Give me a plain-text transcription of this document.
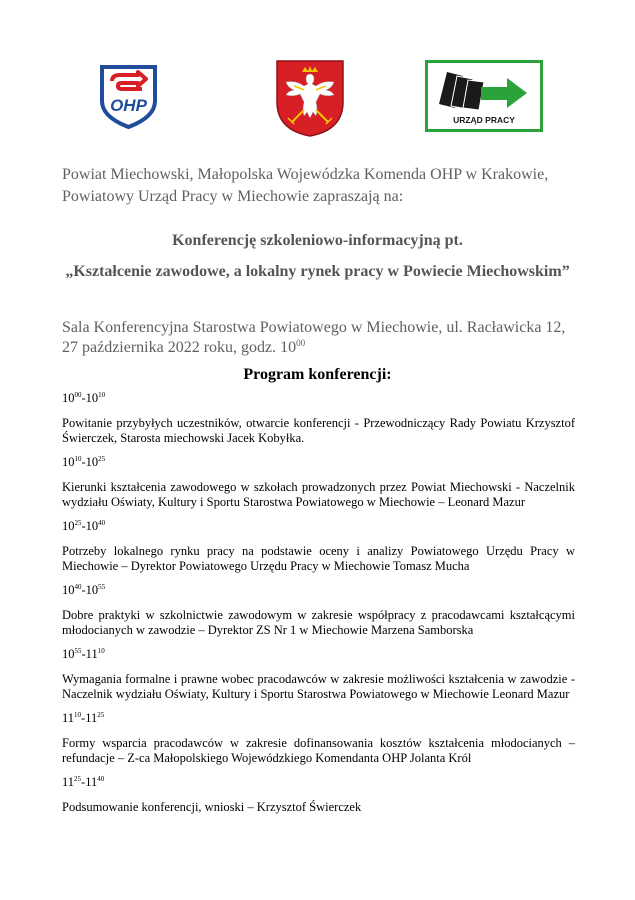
OHP
URZĄD PRACY
Powiat Miechowski, Małopolska Wojewódzka Komenda OHP w Krakowie,
Powiatowy Urząd Pracy w Miechowie zapraszają na:
Konferencję szkoleniowo-informacyjną pt.
„Kształcenie zawodowe, a lokalny rynek pracy w Powiecie Miechowskim”
Sala Konferencyjna Starostwa Powiatowego w Miechowie, ul. Racławicka 12,
27 października 2022 roku, godz. $10^{00}$
Program konferencji:
$10^{00}-10^{10}$
Powitanie przybyłych uczestników, otwarcie konferencji - Przewodniczący Rady Powiatu Krzysztof Świerczek, Starosta miechowski Jacek Kobyłka.
$10^{10}-10^{25}$
Kierunki kształcenia zawodowego w szkołach prowadzonych przez Powiat Miechowski - Naczelnik wydziału Oświaty, Kultury i Sportu Starostwa Powiatowego w Miechowie – Leonard Mazur
$10^{25}-10^{40}$
Potrzeby lokalnego rynku pracy na podstawie oceny i analizy Powiatowego Urzędu Pracy w Miechowie – Dyrektor Powiatowego Urzędu Pracy w Miechowie Tomasz Mucha
$10^{40}-10^{55}$
Dobre praktyki w szkolnictwie zawodowym w zakresie współpracy z pracodawcami kształcącymi młodocianych w zawodzie – Dyrektor ZS Nr 1 w Miechowie Marzena Samborska
$10^{55}-11^{10}$
Wymagania formalne i prawne wobec pracodawców w zakresie możliwości kształcenia w zawodzie - Naczelnik wydziału Oświaty, Kultury i Sportu Starostwa Powiatowego w Miechowie Leonard Mazur
$11^{10}-11^{25}$
Formy wsparcia pracodawców w zakresie dofinansowania kosztów kształcenia młodocianych – refundacje – Z-ca Małopolskiego Wojewódzkiego Komendanta OHP Jolanta Król
$11^{25}-11^{40}$
Podsumowanie konferencji, wnioski – Krzysztof Świerczek
